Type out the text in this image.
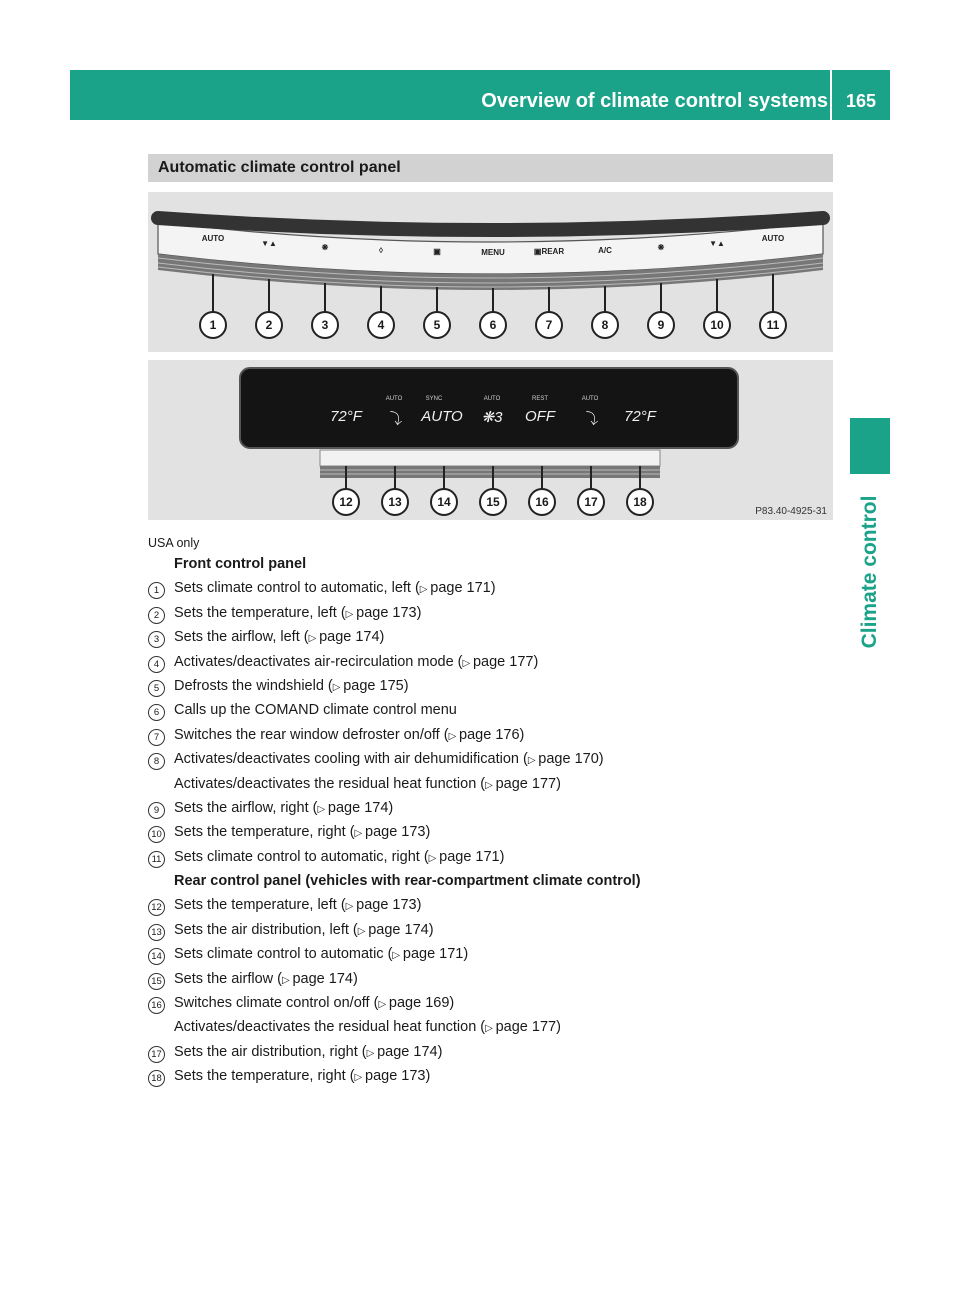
Overview of climate control systems 165
Climate control
Automatic climate control panel
AUTO
▼▲	❋	◊	▣	MENU	▣REAR	A/C	❋	▼▲
AUTO
1	2	3	4	5	6	7	8	9	10	11
72°F ⤵ AUTO ❋3 OFF ⤵ 72°F
AUTO	SYNC	AUTO	REST	AUTO
12	13	14	15	16	17	18
P83.40-4925-31
USA only
Front control panel
1	Sets climate control to automatic, left (▷ page 171)
2	Sets the temperature, left (▷ page 173)
3	Sets the airflow, left (▷ page 174)
4	Activates/deactivates air-recirculation mode (▷ page 177)
5	Defrosts the windshield (▷ page 175)
6	Calls up the COMAND climate control menu
7	Switches the rear window defroster on/off (▷ page 176)
8	Activates/deactivates cooling with air dehumidification (▷ page 170)
Activates/deactivates the residual heat function (▷ page 177)
9	Sets the airflow, right (▷ page 174)
10 Sets the temperature, right (▷ page 173)
11 Sets climate control to automatic, right (▷ page 171)
Rear control panel (vehicles with rear-compartment climate control)
12 Sets the temperature, left (▷ page 173)
13 Sets the air distribution, left (▷ page 174)
14 Sets climate control to automatic (▷ page 171)
15 Sets the airflow (▷ page 174)
16 Switches climate control on/off (▷ page 169)
Activates/deactivates the residual heat function (▷ page 177)
17 Sets the air distribution, right (▷ page 174)
18 Sets the temperature, right (▷ page 173)
